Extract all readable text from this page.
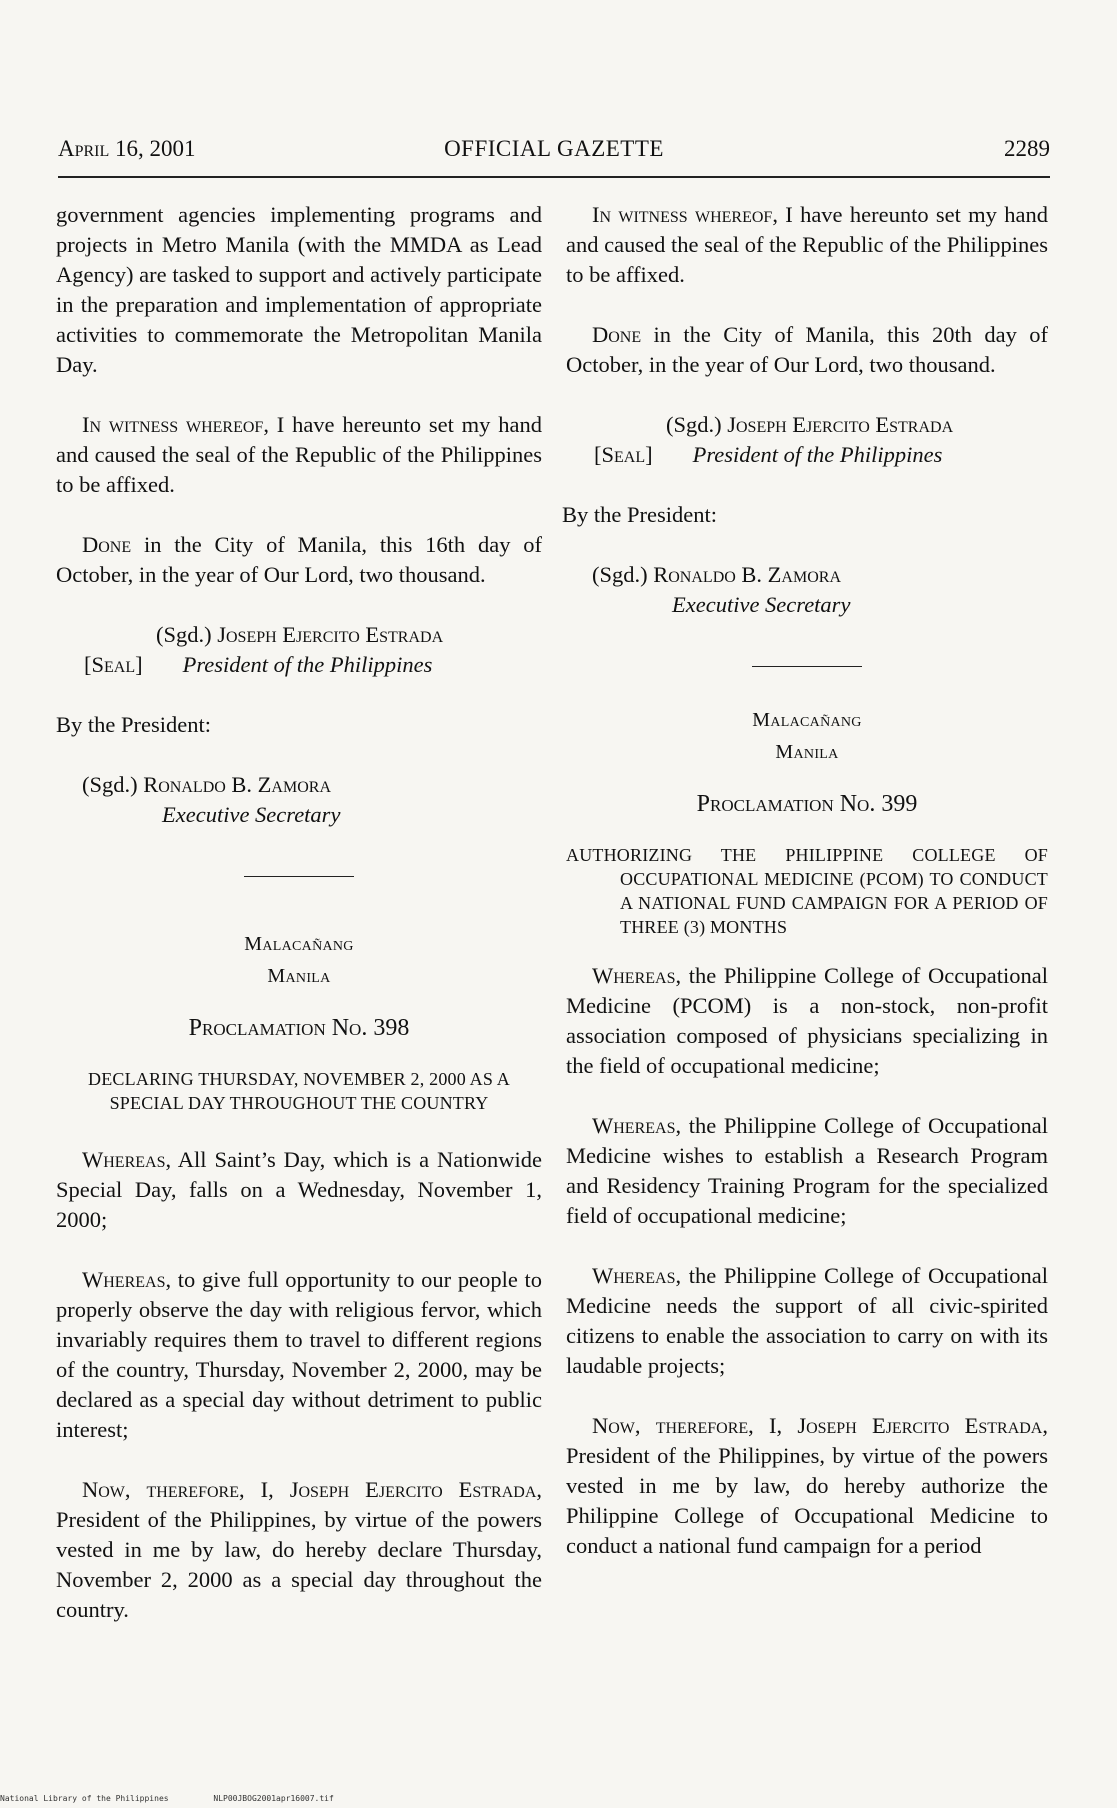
April 16, 2001	OFFICIAL GAZETTE	2289

government agencies implementing programs and projects in Metro Manila (with the MMDA as Lead Agency) are tasked to support and actively participate in the preparation and implementation of appropriate activities to commemorate the Metropolitan Manila Day.

In witness whereof, I have hereunto set my hand and caused the seal of the Republic of the Philippines to be affixed.

Done in the City of Manila, this 16th day of October, in the year of Our Lord, two thousand.

(Sgd.) Joseph Ejercito Estrada

[Seal] President of the Philippines

By the President:

(Sgd.) Ronaldo B. Zamora

Executive Secretary

Malacañang

Manila

Proclamation No. 398

DECLARING THURSDAY, NOVEMBER 2, 2000 AS A

SPECIAL DAY THROUGHOUT THE COUNTRY

Whereas, All Saint’s Day, which is a Nationwide Special Day, falls on a Wednesday, November 1, 2000;

Whereas, to give full opportunity to our people to properly observe the day with religious fervor, which invariably requires them to travel to different regions of the country, Thursday, November 2, 2000, may be declared as a special day without detriment to public interest;

Now, therefore, I, Joseph Ejercito Estrada, President of the Philippines, by virtue of the powers vested in me by law, do hereby declare Thursday, November 2, 2000 as a special day throughout the country.

In witness whereof, I have hereunto set my hand and caused the seal of the Republic of the Philippines to be affixed.

Done in the City of Manila, this 20th day of October, in the year of Our Lord, two thousand.

(Sgd.) Joseph Ejercito Estrada

[Seal] President of the Philippines

By the President:

(Sgd.) Ronaldo B. Zamora

Executive Secretary

Malacañang

Manila

Proclamation No. 399

AUTHORIZING THE PHILIPPINE COLLEGE OF OCCUPATIONAL MEDICINE (PCOM) TO CONDUCT A NATIONAL FUND CAMPAIGN FOR A PERIOD OF THREE (3) MONTHS

Whereas, the Philippine College of Occupational Medicine (PCOM) is a non-stock, non-profit association composed of physicians specializing in the field of occupational medicine;

Whereas, the Philippine College of Occupational Medicine wishes to establish a Research Program and Residency Training Program for the specialized field of occupational medicine;

Whereas, the Philippine College of Occupational Medicine needs the support of all civic-spirited citizens to enable the association to carry on with its laudable projects;

Now, therefore, I, Joseph Ejercito Estrada, President of the Philippines, by virtue of the powers vested in me by law, do hereby authorize the Philippine College of Occupational Medicine to conduct a national fund campaign for a period

National Library of the Philippines	NLP00JBOG2001apr16007.tif
